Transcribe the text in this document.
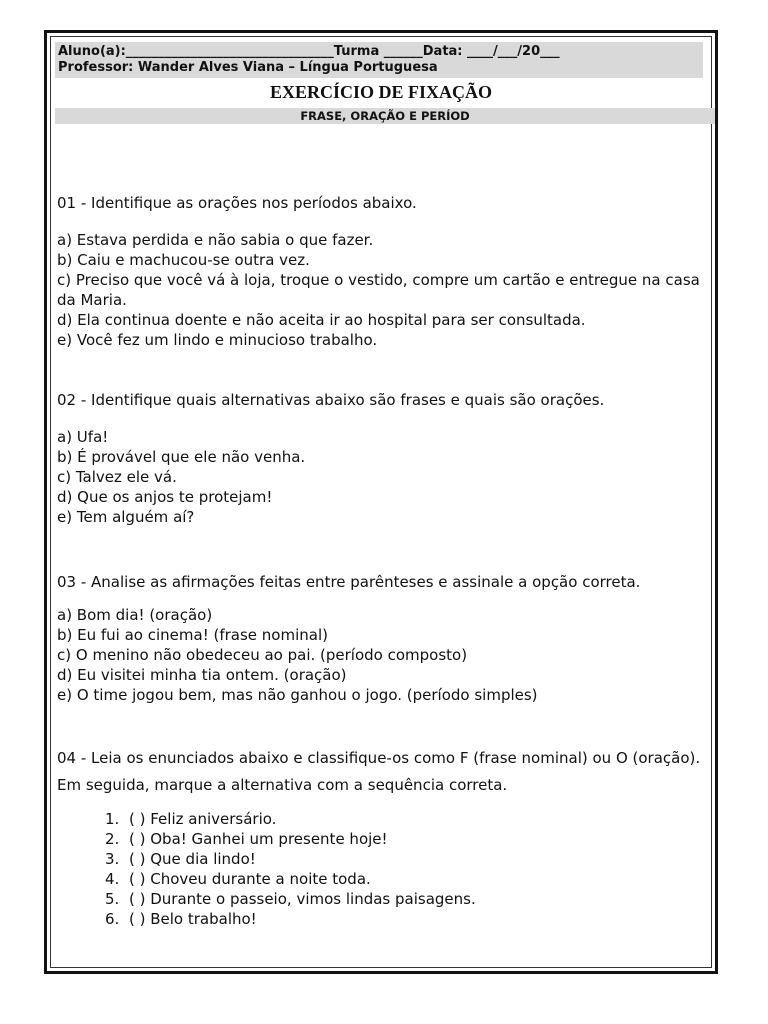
Aluno(a):________________________________Turma ______Data: ____/___/20___
Professor: Wander Alves Viana – Língua Portuguesa
EXERCÍCIO DE FIXAÇÃO
FRASE, ORAÇÃO E PERÍOD

01 - Identifique as orações nos períodos abaixo.

a) Estava perdida e não sabia o que fazer.

b) Caiu e machucou-se outra vez.

c) Preciso que você vá à loja, troque o vestido, compre um cartão e entregue na casa da Maria.

d) Ela continua doente e não aceita ir ao hospital para ser consultada.

e) Você fez um lindo e minucioso trabalho.

02 - Identifique quais alternativas abaixo são frases e quais são orações.

a) Ufa!

b) É provável que ele não venha.

c) Talvez ele vá.

d) Que os anjos te protejam!

e) Tem alguém aí?

03 - Analise as afirmações feitas entre parênteses e assinale a opção correta.

a) Bom dia! (oração)

b) Eu fui ao cinema! (frase nominal)

c) O menino não obedeceu ao pai. (período composto)

d) Eu visitei minha tia ontem. (oração)

e) O time jogou bem, mas não ganhou o jogo. (período simples)

04 - Leia os enunciados abaixo e classifique-os como F (frase nominal) ou O (oração). Em seguida, marque a alternativa com a sequência correta.

1. ( ) Feliz aniversário.
2. ( ) Oba! Ganhei um presente hoje!
3. ( ) Que dia lindo!
4. ( ) Choveu durante a noite toda.
5. ( ) Durante o passeio, vimos lindas paisagens.
6. ( ) Belo trabalho!
